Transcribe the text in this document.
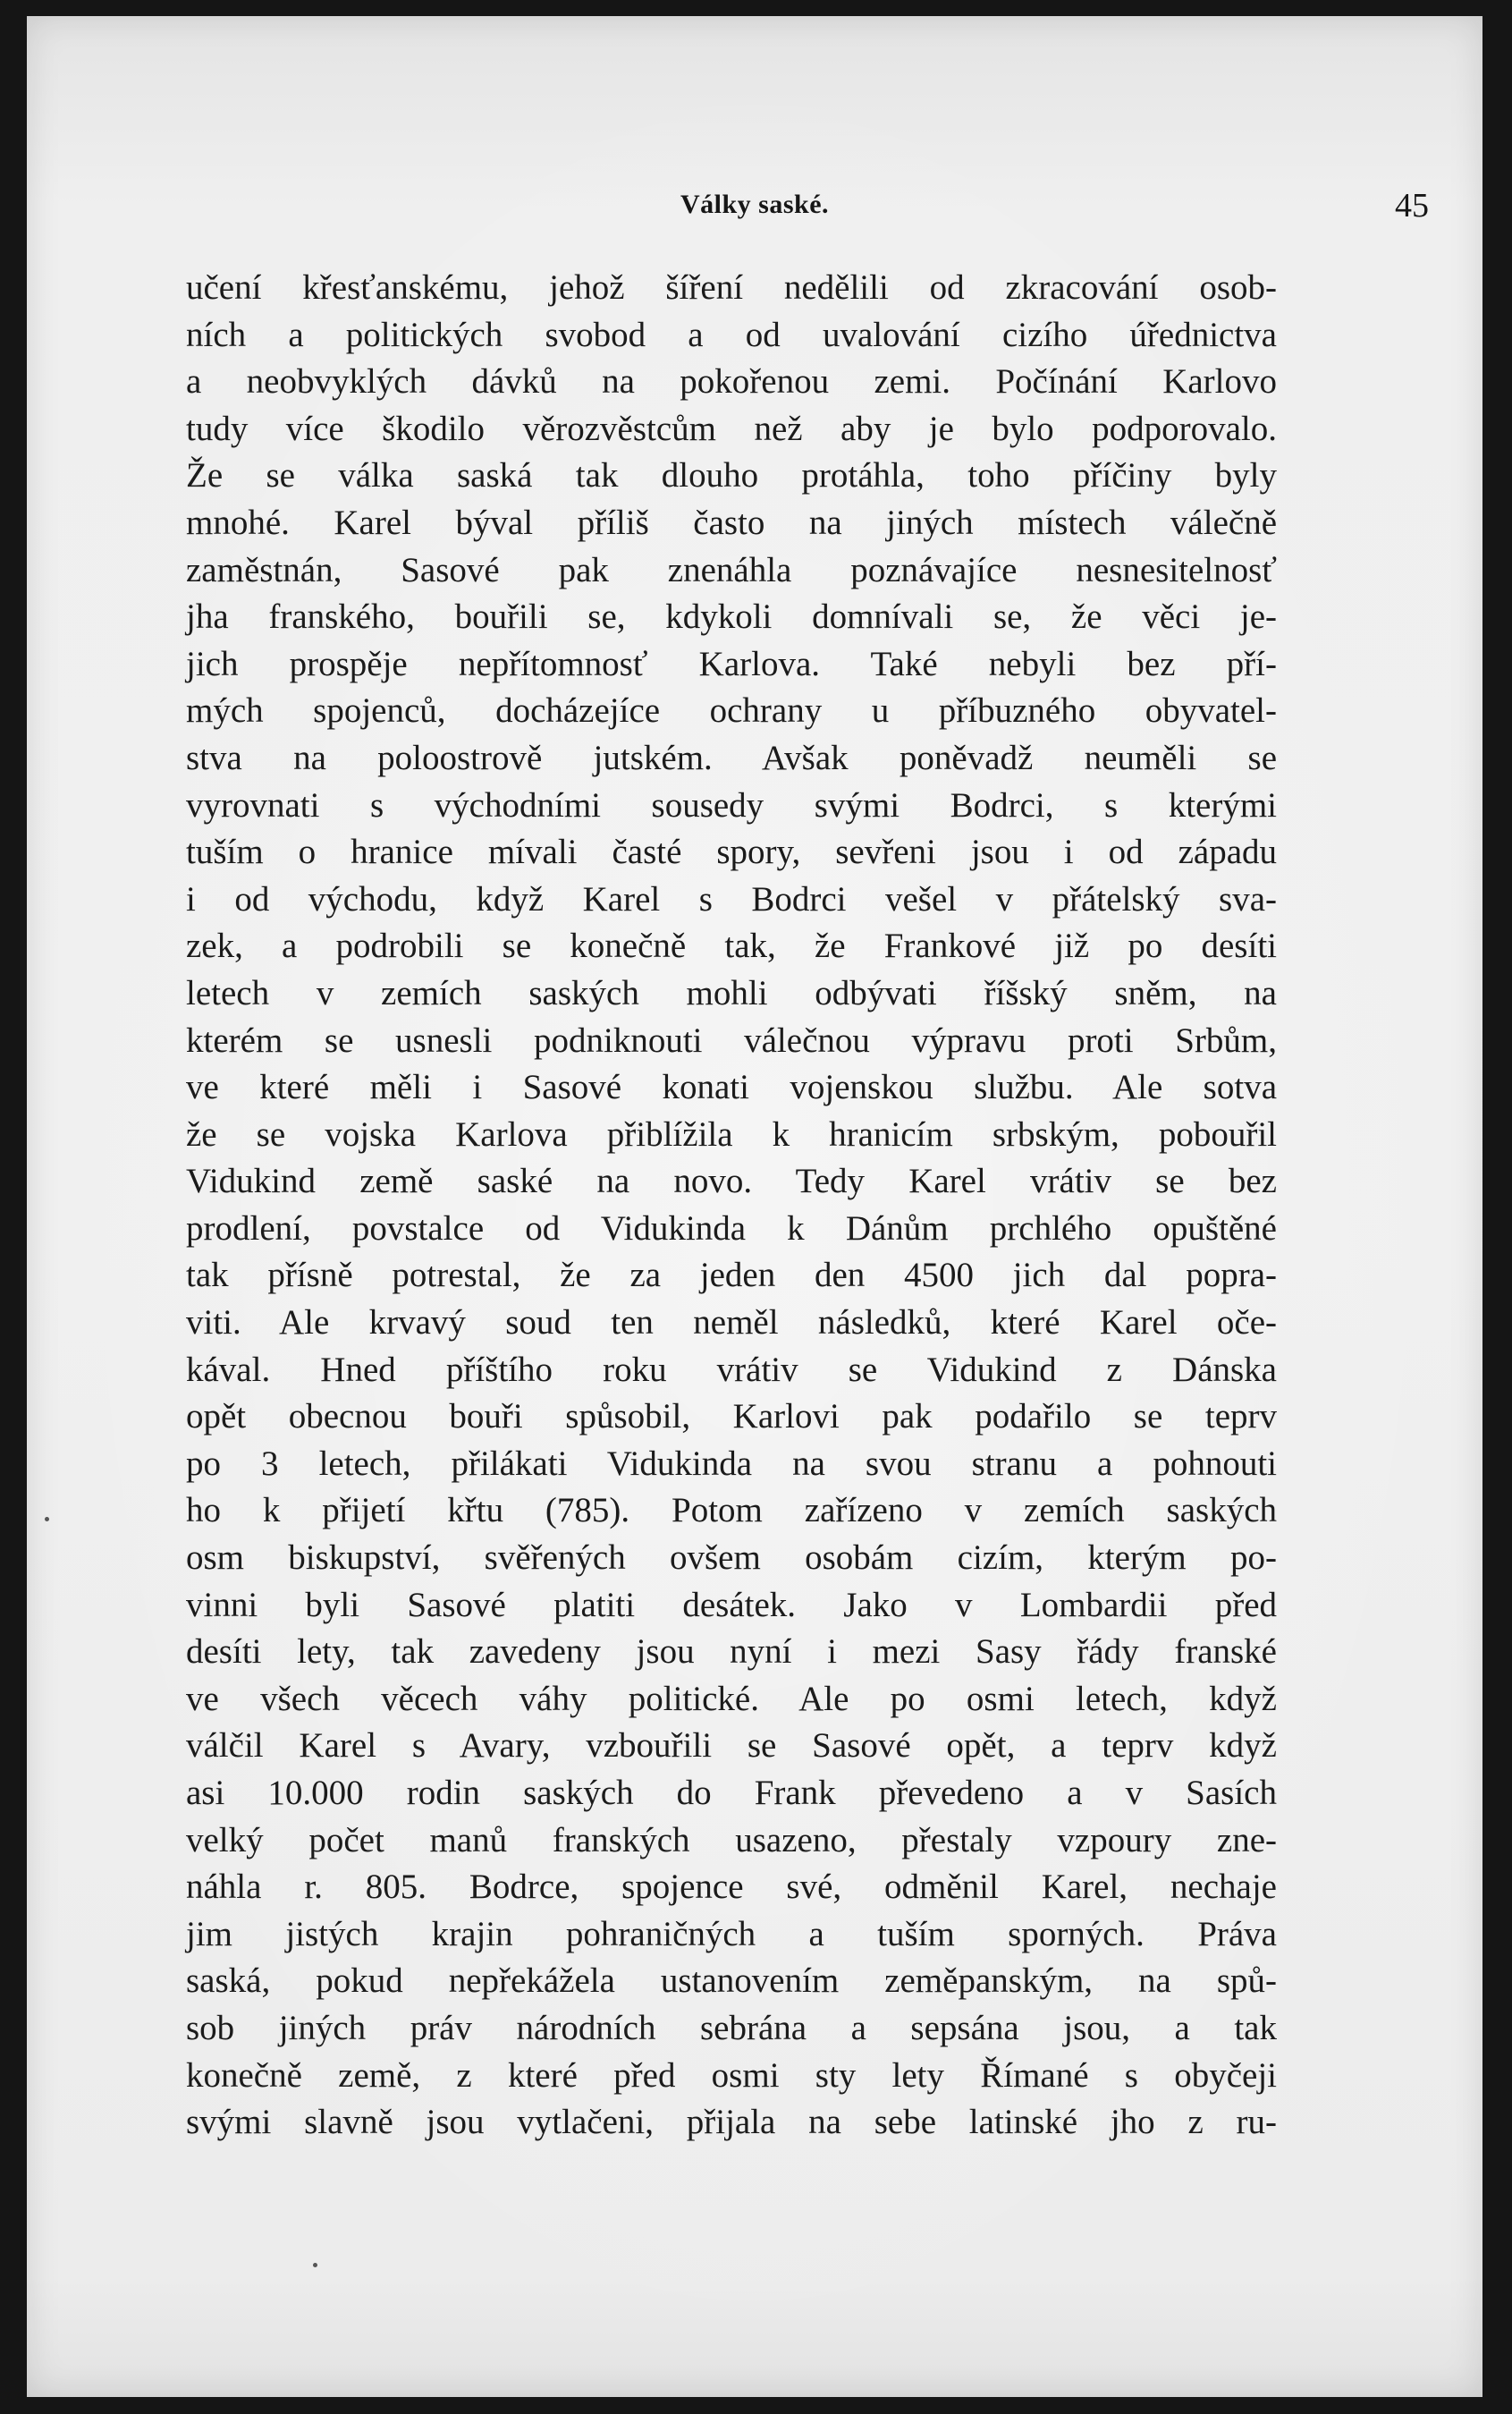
Války saské.	45
učení křesťanskému, jehož šíření nedělili od zkracování osob-
ních a politických svobod a od uvalování cizího úřednictva
a neobvyklých dávků na pokořenou zemi. Počínání Karlovo
tudy více škodilo věrozvěstcům než aby je bylo podporovalo.
Že se válka saská tak dlouho protáhla, toho příčiny byly
mnohé. Karel býval příliš často na jiných místech válečně
zaměstnán, Sasové pak znenáhla poznávajíce nesnesitelnosť
jha franského, bouřili se, kdykoli domnívali se, že věci je-
jich prospěje nepřítomnosť Karlova. Také nebyli bez pří-
mých spojenců, docházejíce ochrany u příbuzného obyvatel-
stva na poloostrově jutském. Avšak poněvadž neuměli se
vyrovnati s východními sousedy svými Bodrci, s kterými
tuším o hranice mívali časté spory, sevřeni jsou i od západu
i od východu, když Karel s Bodrci vešel v přátelský sva-
zek, a podrobili se konečně tak, že Frankové již po desíti
letech v zemích saských mohli odbývati říšský sněm, na
kterém se usnesli podniknouti válečnou výpravu proti Srbům,
ve které měli i Sasové konati vojenskou službu. Ale sotva
že se vojska Karlova přiblížila k hranicím srbským, pobouřil
Vidukind země saské na novo. Tedy Karel vrátiv se bez
prodlení, povstalce od Vidukinda k Dánům prchlého opuštěné
tak přísně potrestal, že za jeden den 4500 jich dal popra-
viti. Ale krvavý soud ten neměl následků, které Karel oče-
kával. Hned příštího roku vrátiv se Vidukind z Dánska
opět obecnou bouři spůsobil, Karlovi pak podařilo se teprv
po 3 letech, přilákati Vidukinda na svou stranu a pohnouti
ho k přijetí křtu (785). Potom zařízeno v zemích saských
osm biskupství, svěřených ovšem osobám cizím, kterým po-
vinni byli Sasové platiti desátek. Jako v Lombardii před
desíti lety, tak zavedeny jsou nyní i mezi Sasy řády franské
ve všech věcech váhy politické. Ale po osmi letech, když
válčil Karel s Avary, vzbouřili se Sasové opět, a teprv když
asi 10.000 rodin saských do Frank převedeno a v Sasích
velký počet manů franských usazeno, přestaly vzpoury zne-
náhla r. 805. Bodrce, spojence své, odměnil Karel, nechaje
jim jistých krajin pohraničných a tuším sporných. Práva
saská, pokud nepřekážela ustanovením zeměpanským, na spů-
sob jiných práv národních sebrána a sepsána jsou, a tak
konečně země, z které před osmi sty lety Římané s obyčeji
svými slavně jsou vytlačeni, přijala na sebe latinské jho z ru-
